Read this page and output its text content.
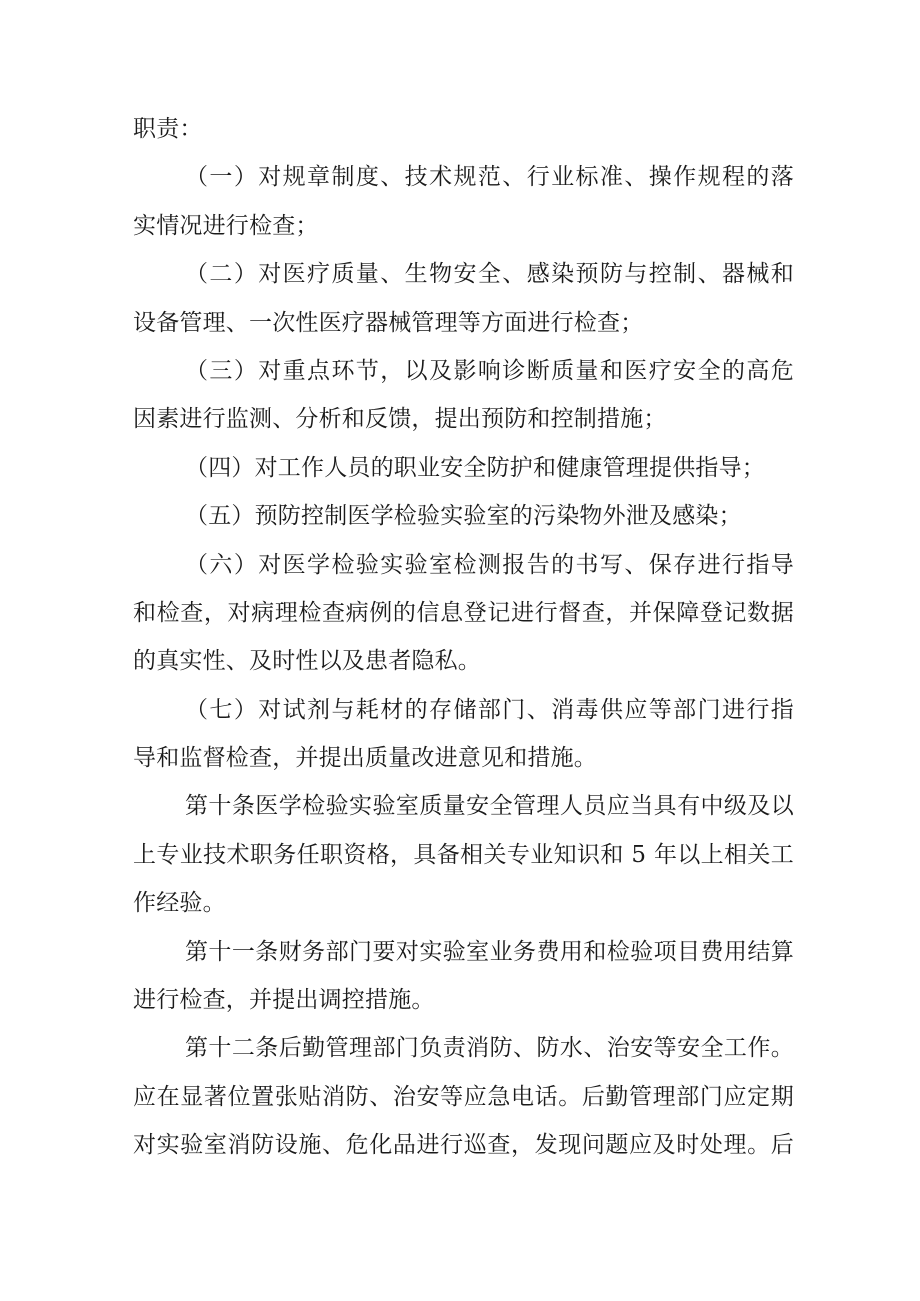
职责：
（一）对规章制度、技术规范、行业标准、操作规程的落
实情况进行检查；
（二）对医疗质量、生物安全、感染预防与控制、器械和
设备管理、一次性医疗器械管理等方面进行检查；
（三）对重点环节，以及影响诊断质量和医疗安全的高危
因素进行监测、分析和反馈，提出预防和控制措施；
（四）对工作人员的职业安全防护和健康管理提供指导；
（五）预防控制医学检验实验室的污染物外泄及感染；
（六）对医学检验实验室检测报告的书写、保存进行指导
和检查，对病理检查病例的信息登记进行督查，并保障登记数据
的真实性、及时性以及患者隐私。
（七）对试剂与耗材的存储部门、消毒供应等部门进行指
导和监督检查，并提出质量改进意见和措施。
第十条医学检验实验室质量安全管理人员应当具有中级及以
上专业技术职务任职资格，具备相关专业知识和 5 年以上相关工
作经验。
第十一条财务部门要对实验室业务费用和检验项目费用结算
进行检查，并提出调控措施。
第十二条后勤管理部门负责消防、防水、治安等安全工作。
应在显著位置张贴消防、治安等应急电话。后勤管理部门应定期
对实验室消防设施、危化品进行巡查，发现问题应及时处理。后
